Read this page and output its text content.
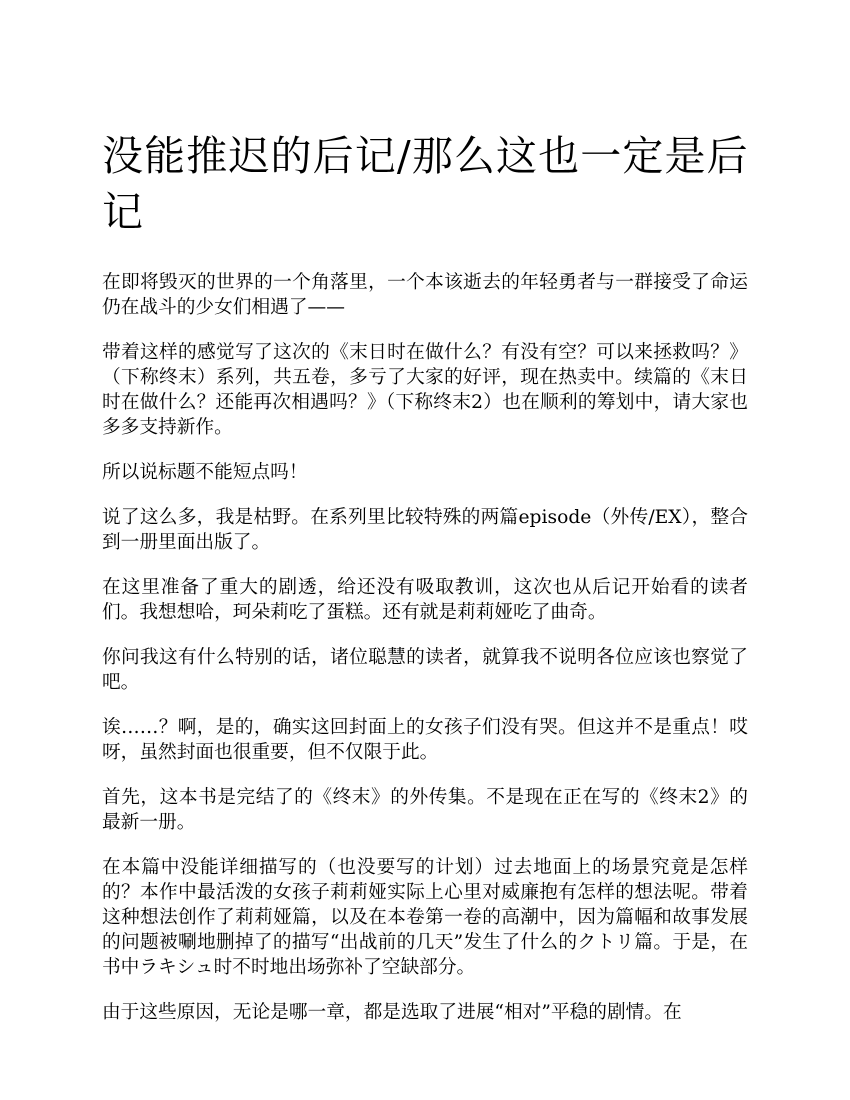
没能推迟的后记/那么这也一定是后记

在即将毁灭的世界的一个角落里，一个本该逝去的年轻勇者与一群接受了命运仍在战斗的少女们相遇了——

带着这样的感觉写了这次的《末日时在做什么？有没有空？可以来拯救吗？》（下称终末）系列，共五卷，多亏了大家的好评，现在热卖中。续篇的《末日时在做什么？还能再次相遇吗？》（下称终末2）也在顺利的筹划中，请大家也多多支持新作。

所以说标题不能短点吗！

说了这么多，我是枯野。在系列里比较特殊的两篇episode（外传/EX），整合到一册里面出版了。

在这里准备了重大的剧透，给还没有吸取教训，这次也从后记开始看的读者们。我想想哈，珂朵莉吃了蛋糕。还有就是莉莉娅吃了曲奇。

你问我这有什么特别的话，诸位聪慧的读者，就算我不说明各位应该也察觉了吧。

诶……？啊，是的，确实这回封面上的女孩子们没有哭。但这并不是重点！哎呀，虽然封面也很重要，但不仅限于此。

首先，这本书是完结了的《终末》的外传集。不是现在正在写的《终末2》的最新一册。

在本篇中没能详细描写的（也没要写的计划）过去地面上的场景究竟是怎样的？本作中最活泼的女孩子莉莉娅实际上心里对威廉抱有怎样的想法呢。带着这种想法创作了莉莉娅篇，以及在本卷第一卷的高潮中，因为篇幅和故事发展的问题被唰地删掉了的描写“出战前的几天”发生了什么的クトリ篇。于是，在书中ラキシュ时不时地出场弥补了空缺部分。

由于这些原因，无论是哪一章，都是选取了进展“相对”平稳的剧情。在
